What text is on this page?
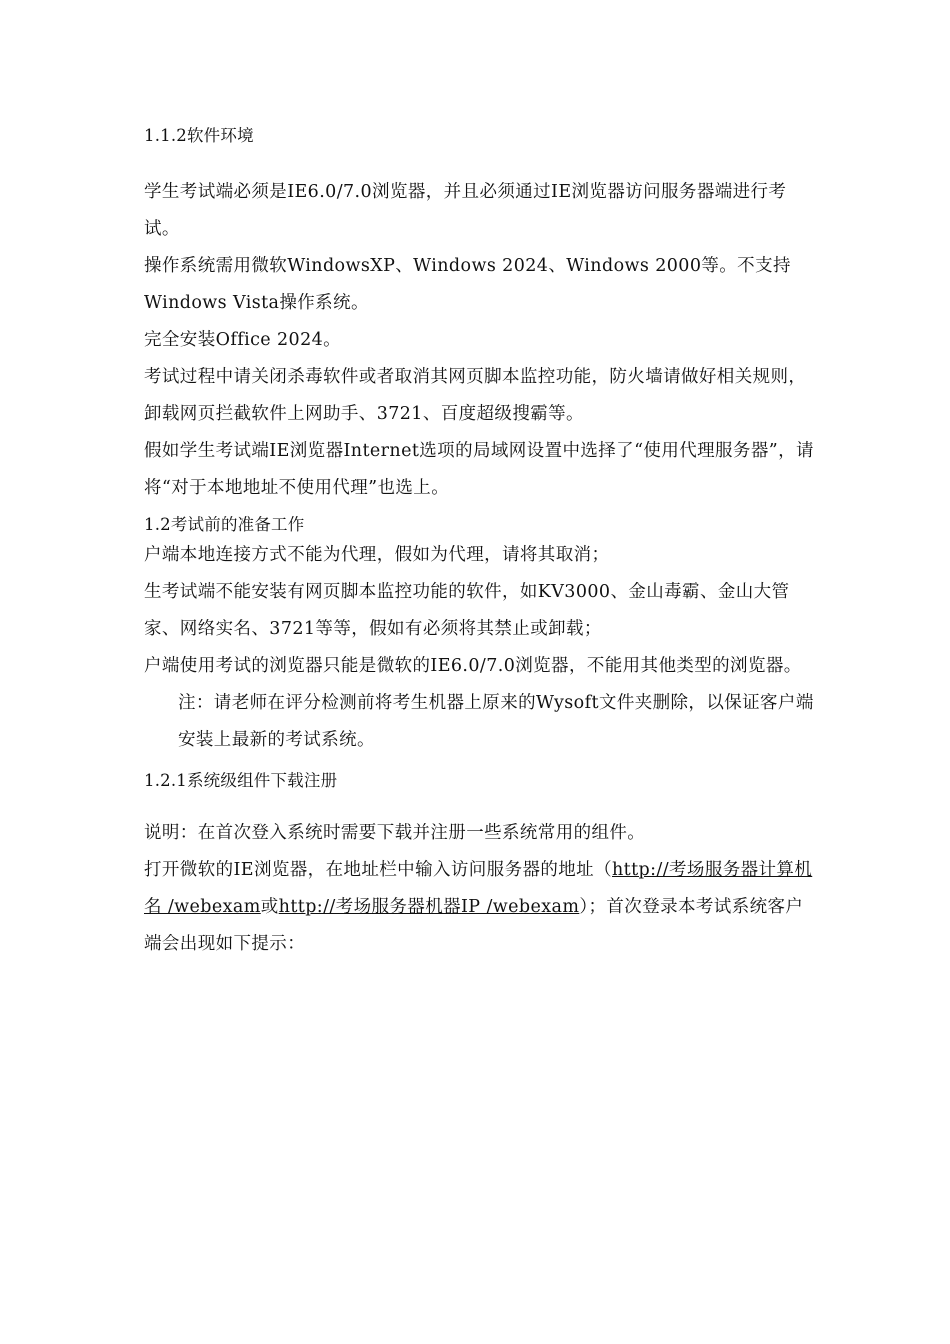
1.1.2软件环境

学生考试端必须是IE6.0/7.0浏览器，并且必须通过IE浏览器访问服务器端进行考试。

操作系统需用微软WindowsXP、Windows 2024、Windows 2000等。不支持Windows Vista操作系统。

完全安装Office 2024。

考试过程中请关闭杀毒软件或者取消其网页脚本监控功能，防火墙请做好相关规则，卸载网页拦截软件上网助手、3721、百度超级搜霸等。

假如学生考试端IE浏览器Internet选项的局域网设置中选择了“使用代理服务器”，请将“对于本地地址不使用代理”也选上。

1.2考试前的准备工作

户端本地连接方式不能为代理，假如为代理，请将其取消；

生考试端不能安装有网页脚本监控功能的软件，如KV3000、金山毒霸、金山大管家、网络实名、3721等等，假如有必须将其禁止或卸载；

户端使用考试的浏览器只能是微软的IE6.0/7.0浏览器，不能用其他类型的浏览器。

注：请老师在评分检测前将考生机器上原来的Wysoft文件夹删除，以保证客户端安装上最新的考试系统。

1.2.1系统级组件下载注册

说明：在首次登入系统时需要下载并注册一些系统常用的组件。

打开微软的IE浏览器，在地址栏中输入访问服务器的地址（http://考场服务器计算机名 /webexam或http://考场服务器机器IP /webexam）；首次登录本考试系统客户端会出现如下提示：
